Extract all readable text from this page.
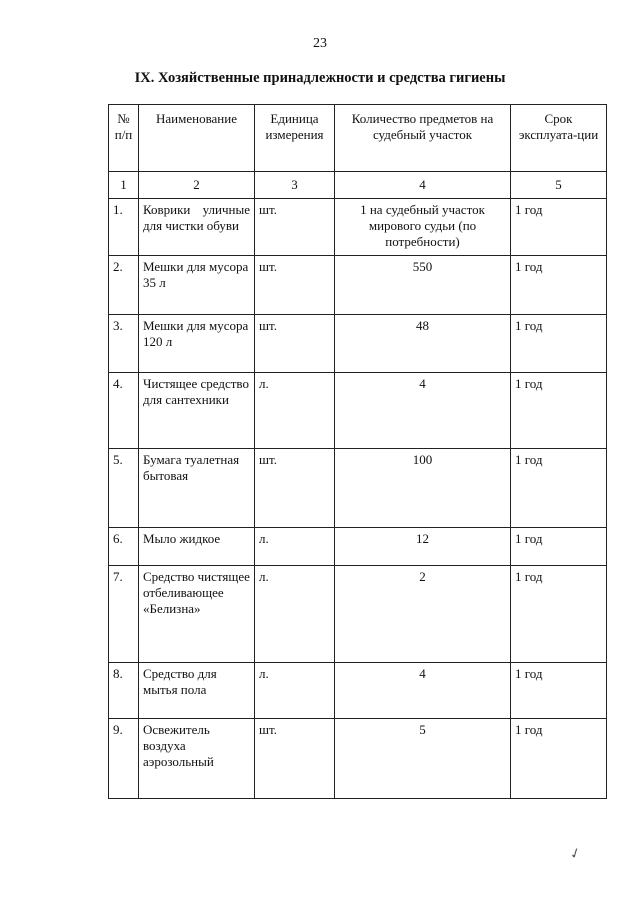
23
IX. Хозяйственные принадлежности и средства гигиены
№ п/п	Наименование	Единица измерения	Количество предметов на судебный участок	Срок эксплуата-ции
1	2	3	4	5
1.	Коврики уличные для чистки обуви	шт.	1 на судебный участок мирового судьи (по потребности)	1 год
2.	Мешки для мусора 35 л	шт.	550	1 год
3.	Мешки для мусора 120 л	шт.	48	1 год
4.	Чистящее средство для сантехники	л.	4	1 год
5.	Бумага туалетная бытовая	шт.	100	1 год
6.	Мыло жидкое	л.	12	1 год
7.	Средство чистящее отбеливающее «Белизна»	л.	2	1 год
8.	Средство для мытья пола	л.	4	1 год
9.	Освежитель воздуха аэрозольный	шт.	5	1 год
✓
